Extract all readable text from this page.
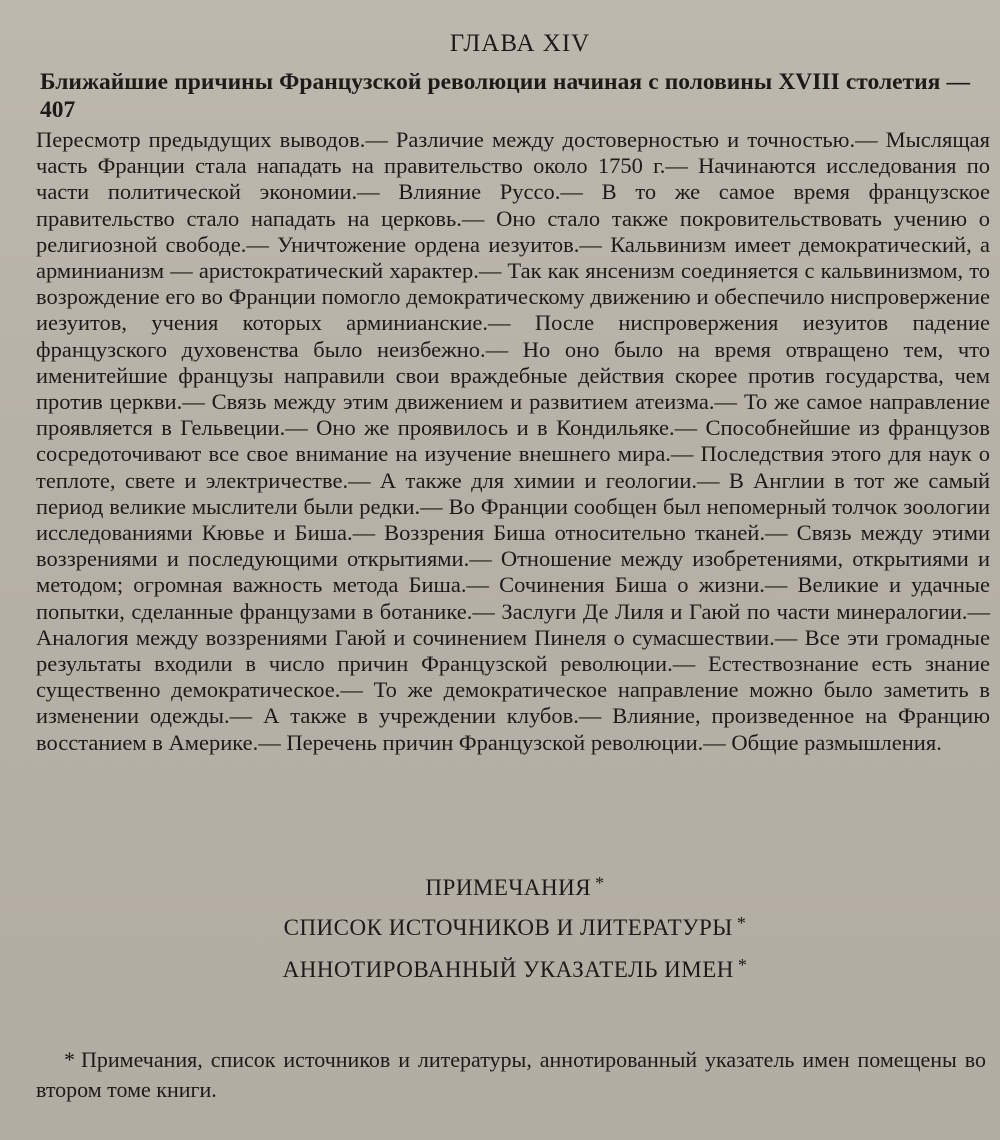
ГЛАВА XIV
Ближайшие причины Французской революции начиная с половины XVIII столетия — 407

Пересмотр предыдущих выводов.— Различие между достоверностью и точностью.— Мыслящая часть Франции стала нападать на правительство около 1750 г.— Начинаются исследования по части политической экономии.— Влияние Руссо.— В то же самое время французское правительство стало нападать на церковь.— Оно стало также покровительствовать учению о религиозной свободе.— Уничтожение ордена иезуитов.— Кальвинизм имеет демократический, а арминианизм — аристократический характер.— Так как янсенизм соединяется с кальвинизмом, то возрождение его во Франции помогло демократическому движению и обеспечило ниспровержение иезуитов, учения которых арминианские.— После ниспровержения иезуитов падение французского духовенства было неизбежно.— Но оно было на время отвращено тем, что именитейшие французы направили свои враждебные действия скорее против государства, чем против церкви.— Связь между этим движением и развитием атеизма.— То же самое направление проявляется в Гельвеции.— Оно же проявилось и в Кондильяке.— Способнейшие из французов сосредоточивают все свое внимание на изучение внешнего мира.— Последствия этого для наук о теплоте, свете и электричестве.— А также для химии и геологии.— В Англии в тот же самый период великие мыслители были редки.— Во Франции сообщен был непомерный толчок зоологии исследованиями Кювье и Биша.— Воззрения Биша относительно тканей.— Связь между этими воззрениями и последующими открытиями.— Отношение между изобретениями, открытиями и методом; огромная важность метода Биша.— Сочинения Биша о жизни.— Великие и удачные попытки, сделанные французами в ботанике.— Заслуги Де Лиля и Гаюй по части минералогии.— Аналогия между воззрениями Гаюй и сочинением Пинеля о сумасшествии.— Все эти громадные результаты входили в число причин Французской революции.— Естествознание есть знание существенно демократическое.— То же демократическое направление можно было заметить в изменении одежды.— А также в учреждении клубов.— Влияние, произведенное на Францию восстанием в Америке.— Перечень причин Французской революции.— Общие размышления.

ПРИМЕЧАНИЯ *

СПИСОК ИСТОЧНИКОВ И ЛИТЕРАТУРЫ *

АННОТИРОВАННЫЙ УКАЗАТЕЛЬ ИМЕН *

* Примечания, список источников и литературы, аннотированный указатель имен помещены во втором томе книги.
